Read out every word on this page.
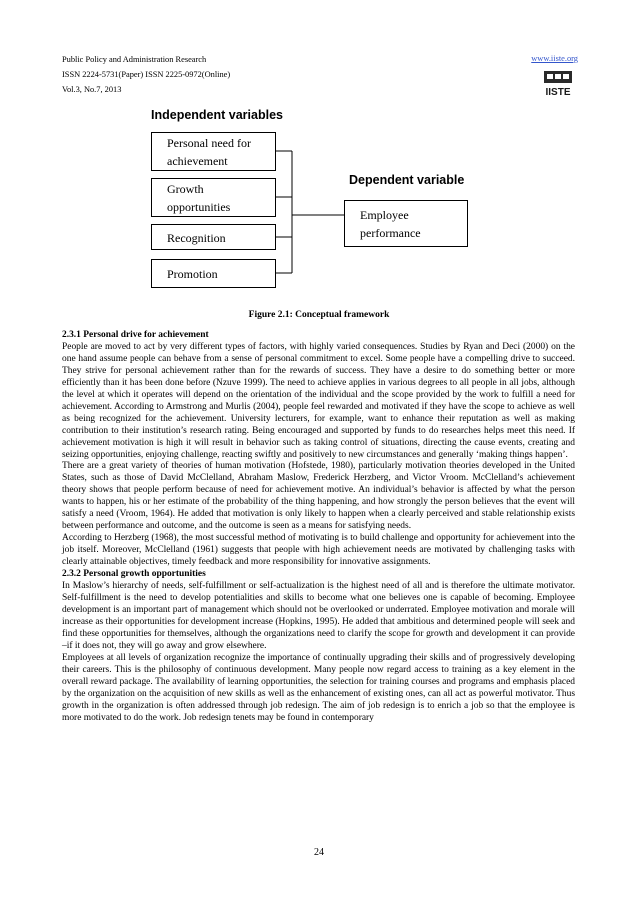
Public Policy and Administration Research
ISSN 2224-5731(Paper) ISSN 2225-0972(Online)
Vol.3, No.7, 2013
www.iiste.org
IISTE
Independent variables
Dependent variable
Personal need for
achievement
Growth
opportunities
Recognition
Promotion
Employee
performance
Figure 2.1: Conceptual framework
2.3.1 Personal drive for achievement

People are moved to act by very different types of factors, with highly varied consequences. Studies by Ryan and Deci (2000) on the one hand assume people can behave from a sense of personal commitment to excel. Some people have a compelling drive to succeed. They strive for personal achievement rather than for the rewards of success. They have a desire to do something better or more efficiently than it has been done before (Nzuve 1999). The need to achieve applies in various degrees to all people in all jobs, although the level at which it operates will depend on the orientation of the individual and the scope provided by the work to fulfill a need for achievement. According to Armstrong and Murlis (2004), people feel rewarded and motivated if they have the scope to achieve as well as being recognized for the achievement. University lecturers, for example, want to enhance their reputation as well as making contribution to their institution’s research rating. Being encouraged and supported by funds to do researches helps meet this need. If achievement motivation is high it will result in behavior such as taking control of situations, directing the cause events, creating and seizing opportunities, enjoying challenge, reacting swiftly and positively to new circumstances and generally ‘making things happen’.

There are a great variety of theories of human motivation (Hofstede, 1980), particularly motivation theories developed in the United States, such as those of David McClelland, Abraham Maslow, Frederick Herzberg, and Victor Vroom. McClelland’s achievement theory shows that people perform because of need for achievement motive. An individual’s behavior is affected by what the person wants to happen, his or her estimate of the probability of the thing happening, and how strongly the person believes that the event will satisfy a need (Vroom, 1964). He added that motivation is only likely to happen when a clearly perceived and stable relationship exists between performance and outcome, and the outcome is seen as a means for satisfying needs.

According to Herzberg (1968), the most successful method of motivating is to build challenge and opportunity for achievement into the job itself. Moreover, McClelland (1961) suggests that people with high achievement needs are motivated by challenging tasks with clearly attainable objectives, timely feedback and more responsibility for innovative assignments.

2.3.2 Personal growth opportunities

In Maslow’s hierarchy of needs, self-fulfillment or self-actualization is the highest need of all and is therefore the ultimate motivator. Self-fulfillment is the need to develop potentialities and skills to become what one believes one is capable of becoming. Employee development is an important part of management which should not be overlooked or underrated. Employee motivation and morale will increase as their opportunities for development increase (Hopkins, 1995). He added that ambitious and determined people will seek and find these opportunities for themselves, although the organizations need to clarify the scope for growth and development it can provide –if it does not, they will go away and grow elsewhere.

Employees at all levels of organization recognize the importance of continually upgrading their skills and of progressively developing their careers. This is the philosophy of continuous development. Many people now regard access to training as a key element in the overall reward package. The availability of learning opportunities, the selection for training courses and programs and emphasis placed by the organization on the acquisition of new skills as well as the enhancement of existing ones, can all act as powerful motivator. Thus growth in the organization is often addressed through job redesign. The aim of job redesign is to enrich a job so that the employee is more motivated to do the work. Job redesign tenets may be found in contemporary

24
